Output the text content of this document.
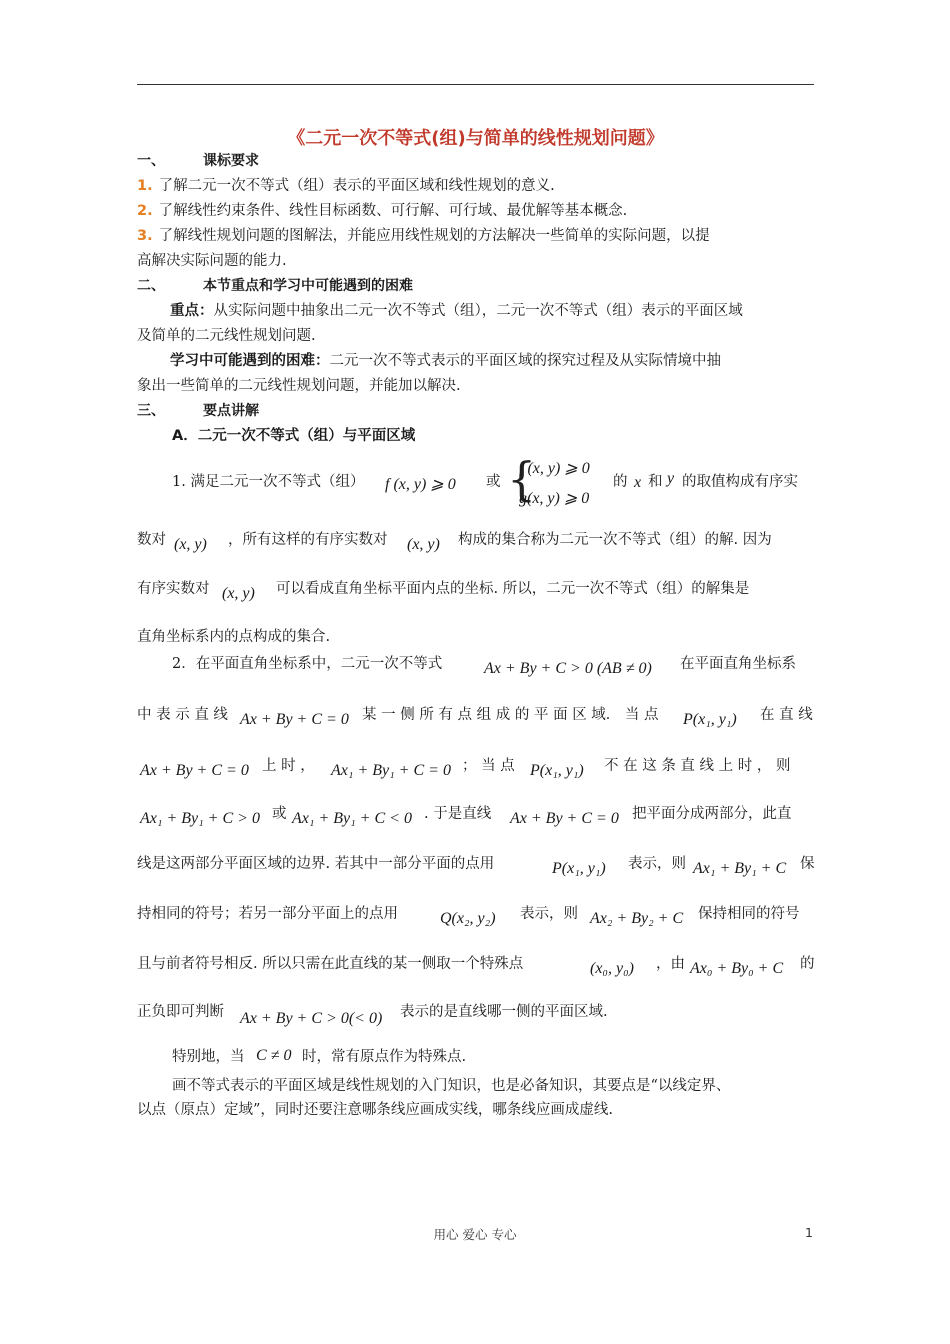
《二元一次不等式(组)与简单的线性规划问题》
一、	课标要求
1. 了解二元一次不等式（组）表示的平面区域和线性规划的意义.
2. 了解线性约束条件、线性目标函数、可行解、可行域、最优解等基本概念.
3. 了解线性规划问题的图解法，并能应用线性规划的方法解决一些简单的实际问题，以提
高解决实际问题的能力.
二、	本节重点和学习中可能遇到的困难
重点：从实际问题中抽象出二元一次不等式（组），二元一次不等式（组）表示的平面区域
及简单的二元线性规划问题.
学习中可能遇到的困难：二元一次不等式表示的平面区域的探究过程及从实际情境中抽
象出一些简单的二元线性规划问题，并能加以解决.
三、	要点讲解
A．二元一次不等式（组）与平面区域
1. 满足二元一次不等式（组） f (x, y) ⩾ 0 或 {
f (x, y) ⩾ 0
g(x, y) ⩾ 0
的 x 和 y 的取值构成有序实
数对 (x, y) ，所有这样的有序实数对 (x, y) 构成的集合称为二元一次不等式（组）的解. 因为
有序实数对 (x, y) 可以看成直角坐标平面内点的坐标. 所以，二元一次不等式（组）的解集是
直角坐标系内的点构成的集合.
2．在平面直角坐标系中，二元一次不等式	Ax + By + C > 0 (AB ≠ 0) 在平面直角坐标系
中 表 示 直 线 Ax + By + C = 0 某 一 侧 所 有 点 组 成 的 平 面 区 域． 当 点 P(x₁, y₁) 在 直 线
Ax + By + C = 0 上 时 ， Ax₁ + By₁ + C = 0 ； 当 点 P(x₁, y₁) 不 在 这 条 直 线 上 时 ， 则
Ax₁ + By₁ + C > 0 或 Ax₁ + By₁ + C < 0 . 于是直线 Ax + By + C = 0 把平面分成两部分，此直
线是这两部分平面区域的边界. 若其中一部分平面的点用	P(x₁, y₁) 表示，则 Ax₁ + By₁ + C 保
持相同的符号；若另一部分平面上的点用	Q(x₂, y₂) 表示，则 Ax₂ + By₂ + C 保持相同的符号
且与前者符号相反. 所以只需在此直线的某一侧取一个特殊点	(x₀, y₀) ，由 Ax₀ + By₀ + C 的
正负即可判断 Ax + By + C > 0(< 0) 表示的是直线哪一侧的平面区域.
特别地，当 C ≠ 0 时，常有原点作为特殊点.
画不等式表示的平面区域是线性规划的入门知识，也是必备知识，其要点是“以线定界、
以点（原点）定域”，同时还要注意哪条线应画成实线，哪条线应画成虚线.
用心 爱心 专心	1
